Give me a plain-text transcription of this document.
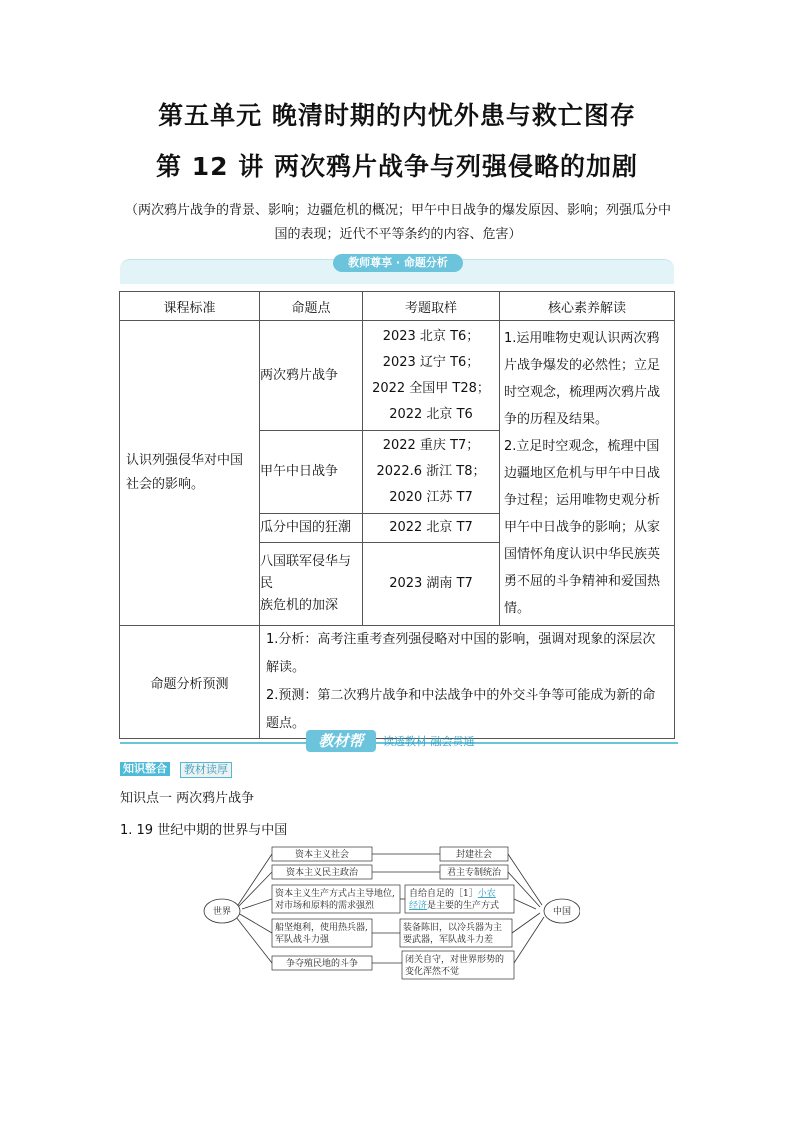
第五单元 晚清时期的内忧外患与救亡图存
第 12 讲 两次鸦片战争与列强侵略的加剧
（两次鸦片战争的背景、影响；边疆危机的概况；甲午中日战争的爆发原因、影响；列强瓜分中国的表现；近代不平等条约的内容、危害）
教师尊享 · 命题分析
课程标准	命题点	考题取样	核心素养解读
认识列强侵华对中国社会的影响。	两次鸦片战争	2023 北京 T6；
2023 辽宁 T6；
2022 全国甲 T28；
2022 北京 T6	1.运用唯物史观认识两次鸦片战争爆发的必然性；立足时空观念，梳理两次鸦片战争的历程及结果。
2.立足时空观念，梳理中国边疆地区危机与甲午中日战争过程；运用唯物史观分析甲午中日战争的影响；从家国情怀角度认识中华民族英勇不屈的斗争精神和爱国热情。
	甲午中日战争	2022 重庆 T7；
2022.6 浙江 T8；
2020 江苏 T7	
	瓜分中国的狂潮	2022 北京 T7	
	八国联军侵华与民
族危机的加深	2023 湖南 T7	
命题分析预测	1.分析：高考注重考查列强侵略对中国的影响，强调对现象的深层次解读。
2.预测：第二次鸦片战争和中法战争中的外交斗争等可能成为新的命题点。		
教材帮	读透教材 融会贯通
知识整合	教材读厚
知识点一 两次鸦片战争
1. 19 世纪中期的世界与中国
世界	中国
资本主义社会
资本主义民主政治
资本主义生产方式占主导地位,
对市场和原料的需求强烈
船坚炮利，使用热兵器,
军队战斗力强
争夺殖民地的斗争
封建社会
君主专制统治
自给自足的［1］小农
经济是主要的生产方式
装备陈旧，以冷兵器为主
要武器，军队战斗力差
闭关自守，对世界形势的
变化浑然不觉
